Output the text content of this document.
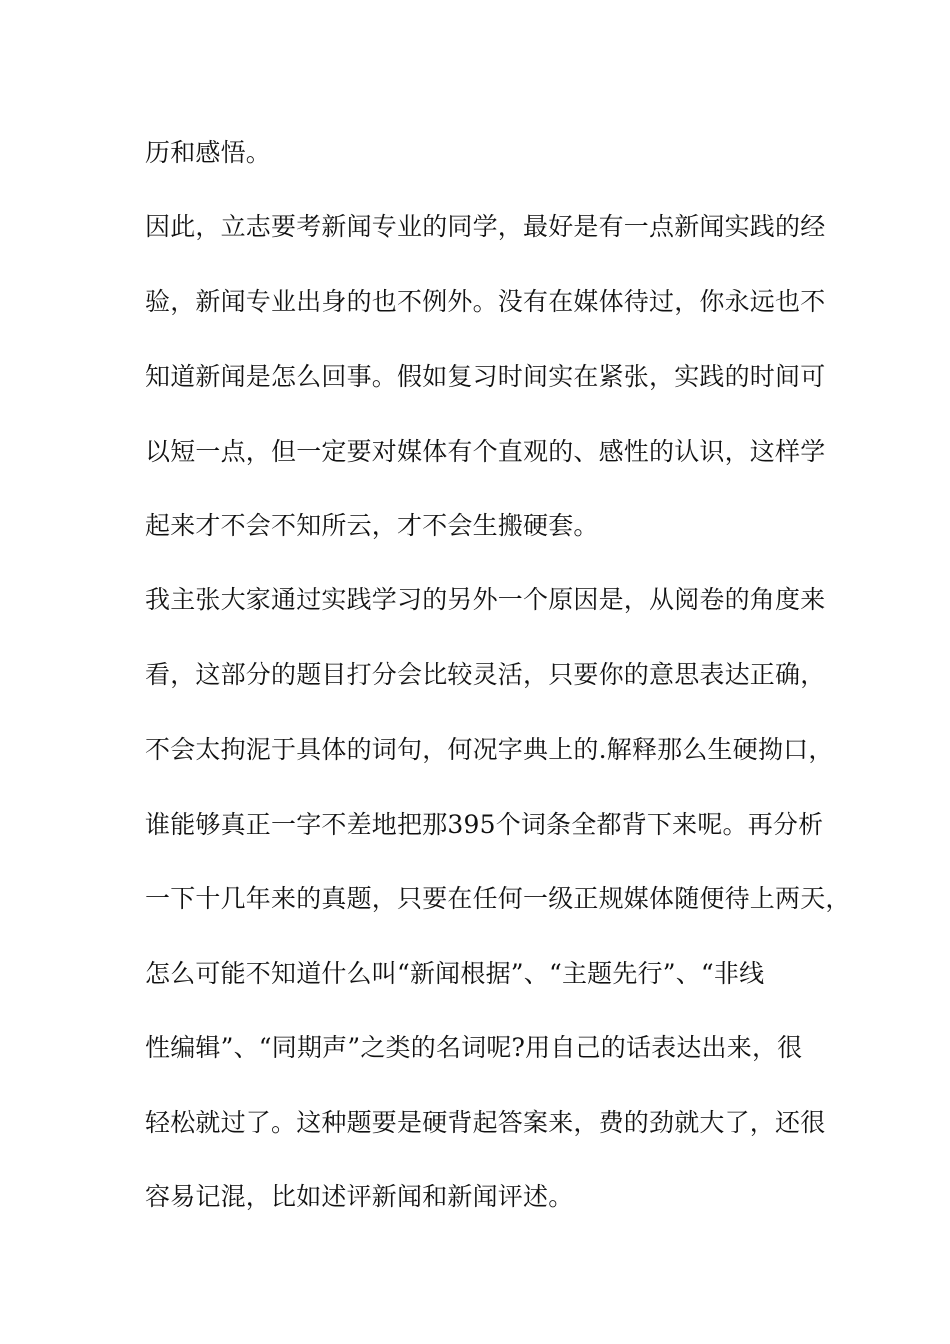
历和感悟。
因此，立志要考新闻专业的同学，最好是有一点新闻实践的经
验，新闻专业出身的也不例外。没有在媒体待过，你永远也不
知道新闻是怎么回事。假如复习时间实在紧张，实践的时间可
以短一点，但一定要对媒体有个直观的、感性的认识，这样学
起来才不会不知所云，才不会生搬硬套。
我主张大家通过实践学习的另外一个原因是，从阅卷的角度来
看，这部分的题目打分会比较灵活，只要你的意思表达正确，
不会太拘泥于具体的词句，何况字典上的.解释那么生硬拗口，
谁能够真正一字不差地把那395个词条全都背下来呢。再分析
一下十几年来的真题，只要在任何一级正规媒体随便待上两天，
怎么可能不知道什么叫“新闻根据”、“主题先行”、“非线
性编辑”、“同期声”之类的名词呢?用自己的话表达出来，很
轻松就过了。这种题要是硬背起答案来，费的劲就大了，还很
容易记混，比如述评新闻和新闻评述。
